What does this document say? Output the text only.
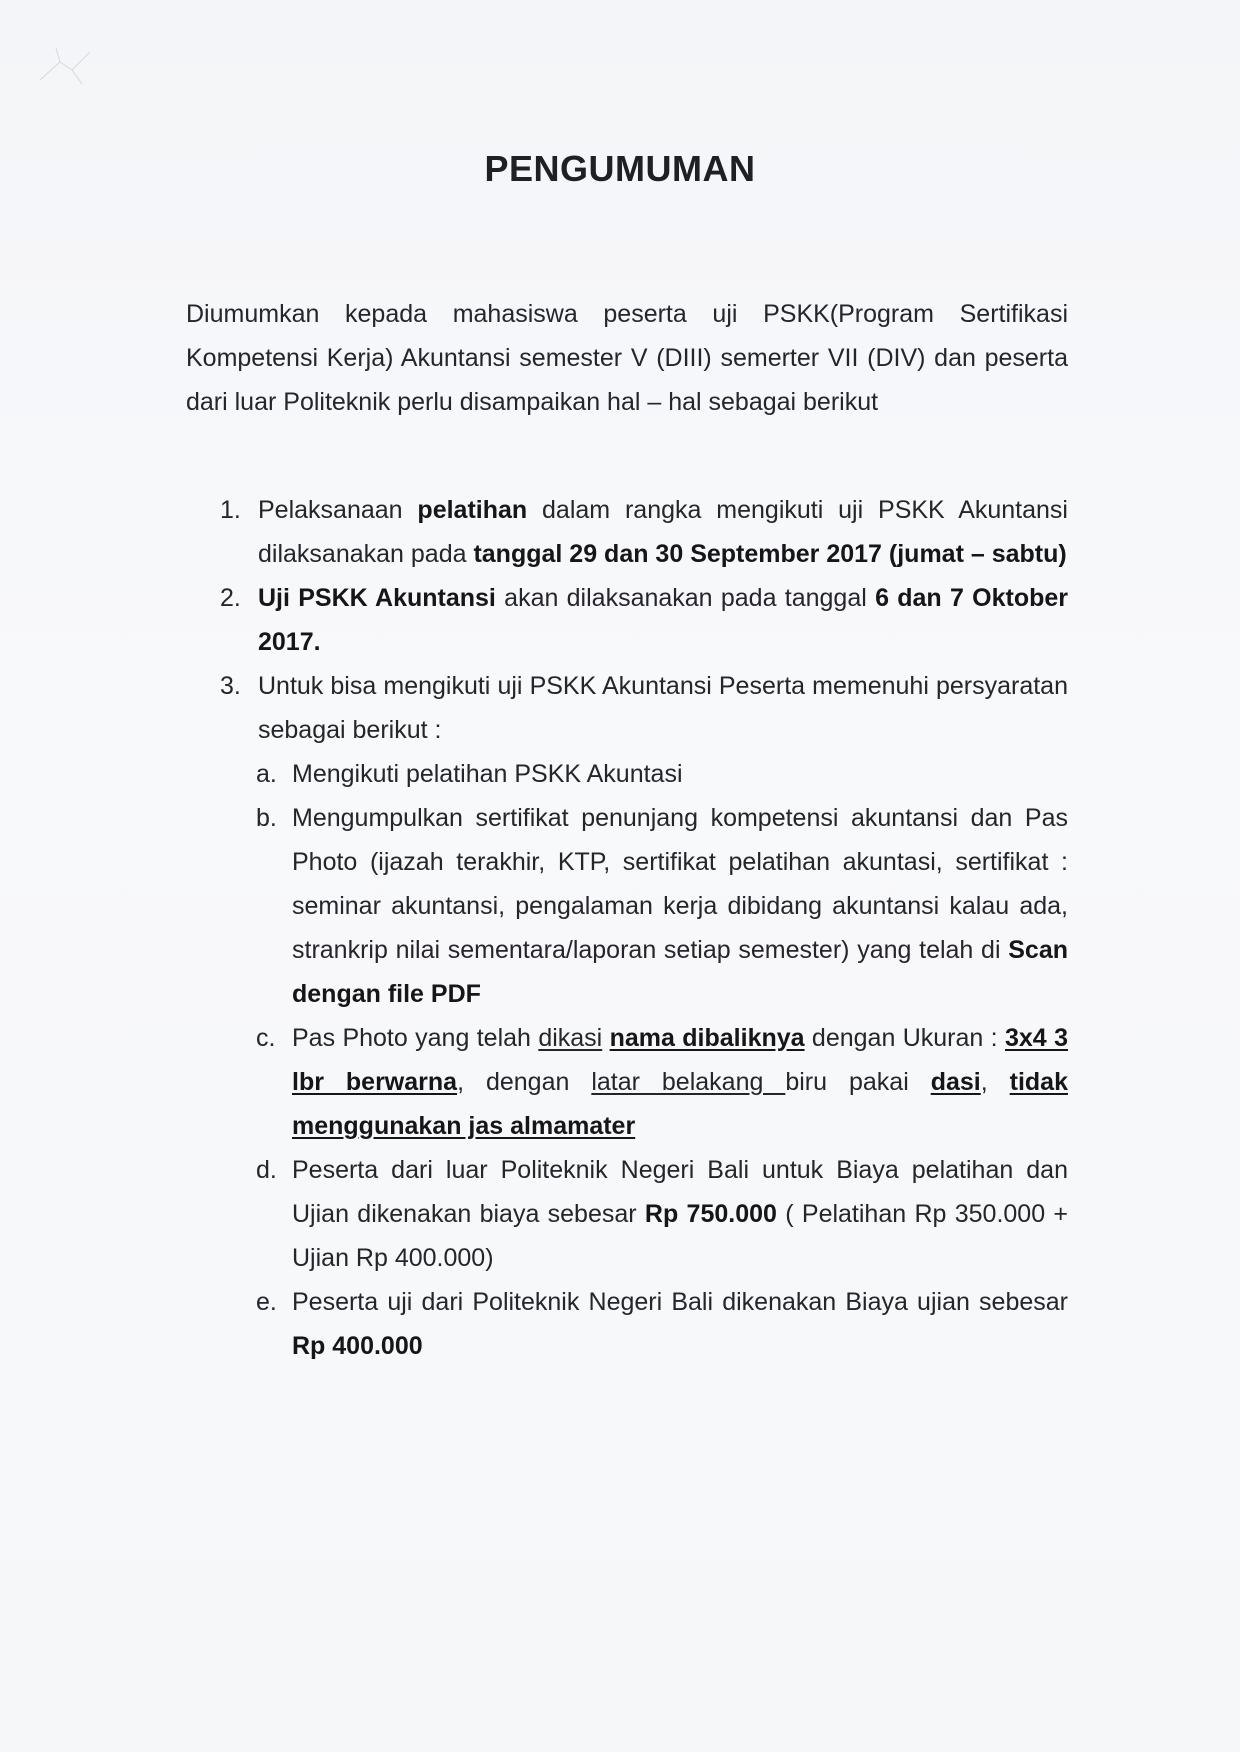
PENGUMUMAN
Diumumkan kepada mahasiswa peserta uji PSKK(Program Sertifikasi Kompetensi Kerja) Akuntansi semester V (DIII) semerter VII (DIV) dan peserta dari luar Politeknik perlu disampaikan hal – hal sebagai berikut
1. Pelaksanaan pelatihan dalam rangka mengikuti uji PSKK Akuntansi dilaksanakan pada tanggal 29 dan 30 September 2017 (jumat – sabtu)
2. Uji PSKK Akuntansi akan dilaksanakan pada tanggal 6 dan 7 Oktober 2017.
3. Untuk bisa mengikuti uji PSKK Akuntansi Peserta memenuhi persyaratan sebagai berikut :
a. Mengikuti pelatihan PSKK Akuntasi
b. Mengumpulkan sertifikat penunjang kompetensi akuntansi dan Pas Photo (ijazah terakhir, KTP, sertifikat pelatihan akuntasi, sertifikat : seminar akuntansi, pengalaman kerja dibidang akuntansi kalau ada, strankrip nilai sementara/laporan setiap semester) yang telah di Scan dengan file PDF
c. Pas Photo yang telah dikasi nama dibaliknya dengan Ukuran : 3x4 3 lbr berwarna, dengan latar belakang biru pakai dasi, tidak menggunakan jas almamater
d. Peserta dari luar Politeknik Negeri Bali untuk Biaya pelatihan dan Ujian dikenakan biaya sebesar Rp 750.000 ( Pelatihan Rp 350.000 + Ujian Rp 400.000)
e. Peserta uji dari Politeknik Negeri Bali dikenakan Biaya ujian sebesar Rp 400.000
